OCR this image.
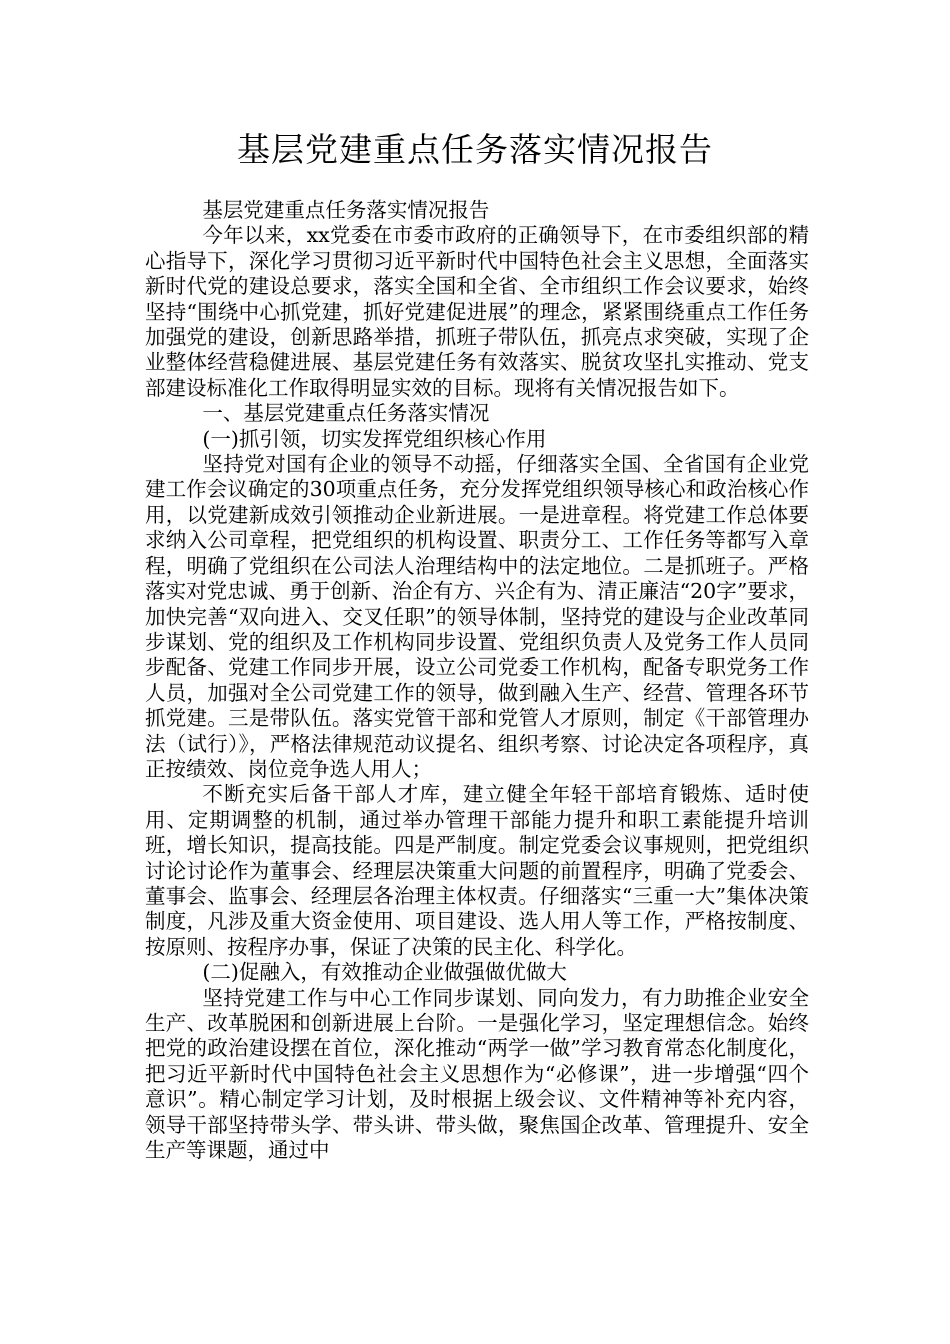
基层党建重点任务落实情况报告

基层党建重点任务落实情况报告

今年以来，xx党委在市委市政府的正确领导下，在市委组织部的精心指导下，深化学习贯彻习近平新时代中国特色社会主义思想，全面落实新时代党的建设总要求，落实全国和全省、全市组织工作会议要求，始终坚持“围绕中心抓党建，抓好党建促进展”的理念，紧紧围绕重点工作任务加强党的建设，创新思路举措，抓班子带队伍，抓亮点求突破，实现了企业整体经营稳健进展、基层党建任务有效落实、脱贫攻坚扎实推动、党支部建设标准化工作取得明显实效的目标。现将有关情况报告如下。

一、基层党建重点任务落实情况

(一)抓引领，切实发挥党组织核心作用

坚持党对国有企业的领导不动摇，仔细落实全国、全省国有企业党建工作会议确定的30项重点任务，充分发挥党组织领导核心和政治核心作用，以党建新成效引领推动企业新进展。一是进章程。将党建工作总体要求纳入公司章程，把党组织的机构设置、职责分工、工作任务等都写入章程，明确了党组织在公司法人治理结构中的法定地位。二是抓班子。严格落实对党忠诚、勇于创新、治企有方、兴企有为、清正廉洁“20字”要求，加快完善“双向进入、交叉任职”的领导体制，坚持党的建设与企业改革同步谋划、党的组织及工作机构同步设置、党组织负责人及党务工作人员同步配备、党建工作同步开展，设立公司党委工作机构，配备专职党务工作人员，加强对全公司党建工作的领导，做到融入生产、经营、管理各环节抓党建。三是带队伍。落实党管干部和党管人才原则，制定《干部管理办法（试行）》，严格法律规范动议提名、组织考察、讨论决定各项程序，真正按绩效、岗位竞争选人用人；

不断充实后备干部人才库，建立健全年轻干部培育锻炼、适时使用、定期调整的机制，通过举办管理干部能力提升和职工素能提升培训班，增长知识，提高技能。四是严制度。制定党委会议事规则，把党组织讨论讨论作为董事会、经理层决策重大问题的前置程序，明确了党委会、董事会、监事会、经理层各治理主体权责。仔细落实“三重一大”集体决策制度，凡涉及重大资金使用、项目建设、选人用人等工作，严格按制度、按原则、按程序办事，保证了决策的民主化、科学化。

(二)促融入，有效推动企业做强做优做大

坚持党建工作与中心工作同步谋划、同向发力，有力助推企业安全生产、改革脱困和创新进展上台阶。一是强化学习，坚定理想信念。始终把党的政治建设摆在首位，深化推动“两学一做”学习教育常态化制度化，把习近平新时代中国特色社会主义思想作为“必修课”，进一步增强“四个意识”。精心制定学习计划，及时根据上级会议、文件精神等补充内容，领导干部坚持带头学、带头讲、带头做，聚焦国企改革、管理提升、安全生产等课题，通过中
